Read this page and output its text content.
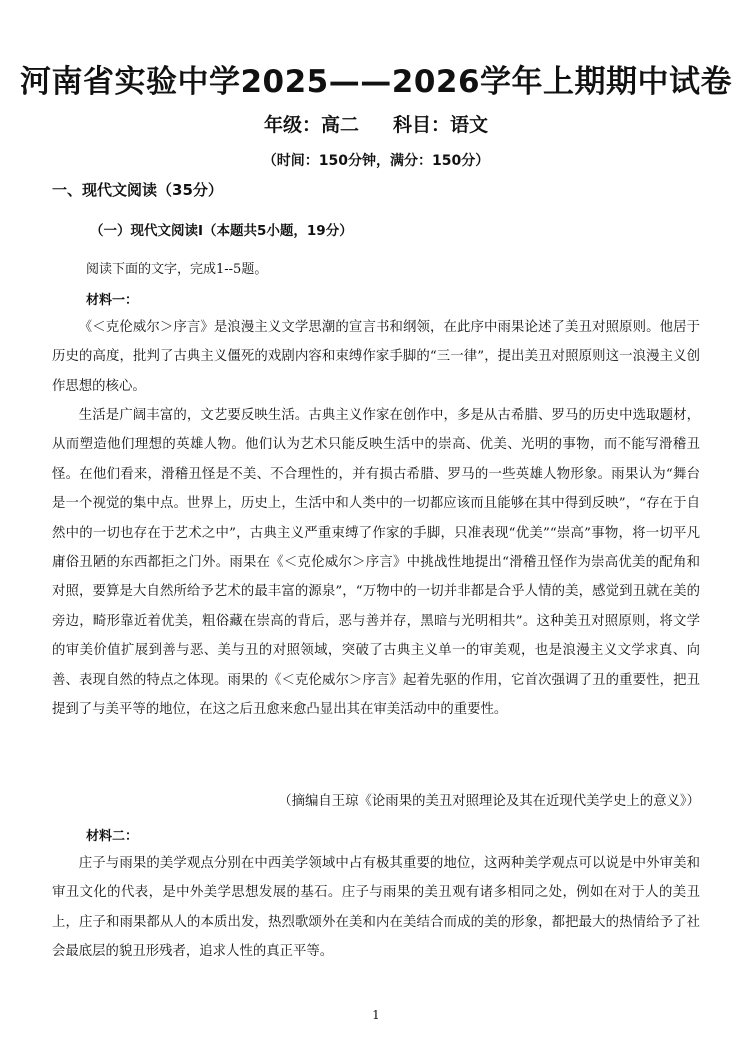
河南省实验中学2025——2026学年上期期中试卷
年级：高二 科目：语文
（时间：150分钟，满分：150分）
一、现代文阅读（35分）
（一）现代文阅读Ⅰ（本题共5小题，19分）
阅读下面的文字，完成1--5题。
材料一：

《＜克伦威尔＞序言》是浪漫主义文学思潮的宣言书和纲领，在此序中雨果论述了美丑对照原则。他居于历史的高度，批判了古典主义僵死的戏剧内容和束缚作家手脚的“三一律”，提出美丑对照原则这一浪漫主义创作思想的核心。

生活是广阔丰富的，文艺要反映生活。古典主义作家在创作中，多是从古希腊、罗马的历史中选取题材，从而塑造他们理想的英雄人物。他们认为艺术只能反映生活中的崇高、优美、光明的事物，而不能写滑稽丑怪。在他们看来，滑稽丑怪是不美、不合理性的，并有损古希腊、罗马的一些英雄人物形象。雨果认为“舞台是一个视觉的集中点。世界上，历史上，生活中和人类中的一切都应该而且能够在其中得到反映”，“存在于自然中的一切也存在于艺术之中”，古典主义严重束缚了作家的手脚，只准表现“优美”“崇高”事物，将一切平凡庸俗丑陋的东西都拒之门外。雨果在《＜克伦威尔＞序言》中挑战性地提出“滑稽丑怪作为崇高优美的配角和对照，要算是大自然所给予艺术的最丰富的源泉”，“万物中的一切并非都是合乎人情的美，感觉到丑就在美的旁边，畸形靠近着优美，粗俗藏在崇高的背后，恶与善并存，黑暗与光明相共”。这种美丑对照原则，将文学的审美价值扩展到善与恶、美与丑的对照领域，突破了古典主义单一的审美观，也是浪漫主义文学求真、向善、表现自然的特点之体现。雨果的《＜克伦威尔＞序言》起着先驱的作用，它首次强调了丑的重要性，把丑提到了与美平等的地位，在这之后丑愈来愈凸显出其在审美活动中的重要性。

（摘编自王琼《论雨果的美丑对照理论及其在近现代美学史上的意义》）
材料二：

庄子与雨果的美学观点分别在中西美学领域中占有极其重要的地位，这两种美学观点可以说是中外审美和审丑文化的代表，是中外美学思想发展的基石。庄子与雨果的美丑观有诸多相同之处，例如在对于人的美丑上，庄子和雨果都从人的本质出发，热烈歌颂外在美和内在美结合而成的美的形象，都把最大的热情给予了社会最底层的貌丑形残者，追求人性的真正平等。

1
